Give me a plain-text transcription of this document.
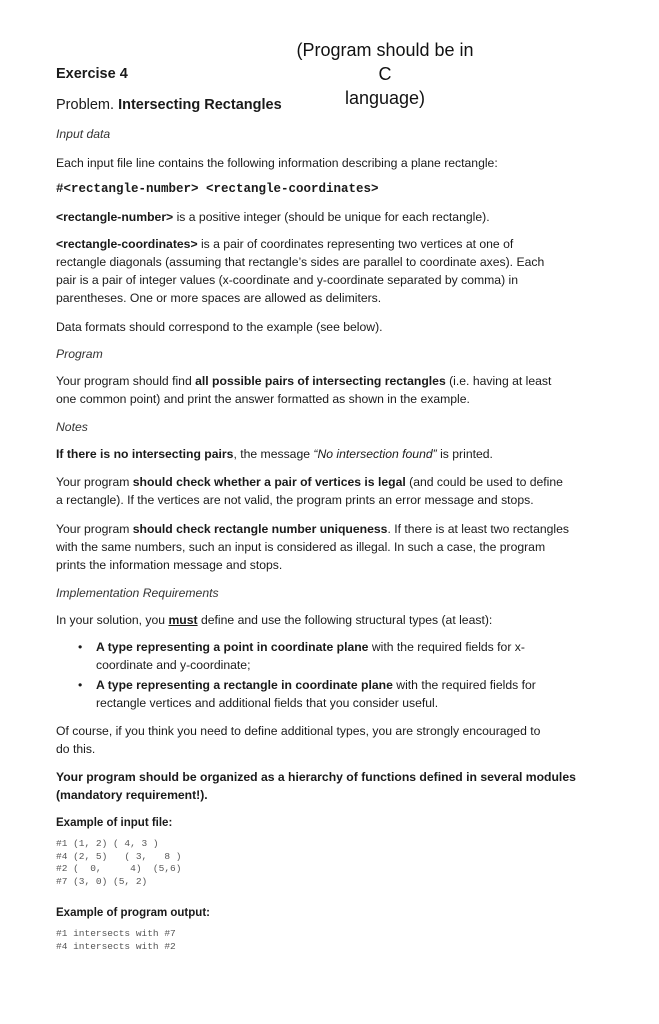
(Program should be in
C
language)
Exercise 4
Problem. Intersecting Rectangles
Input data
Each input file line contains the following information describing a plane rectangle:
#<rectangle-number> <rectangle-coordinates>
<rectangle-number> is a positive integer (should be unique for each rectangle).
<rectangle-coordinates> is a pair of coordinates representing two vertices at one of
rectangle diagonals (assuming that rectangle’s sides are parallel to coordinate axes). Each
pair is a pair of integer values (x-coordinate and y-coordinate separated by comma) in
parentheses. One or more spaces are allowed as delimiters.
Data formats should correspond to the example (see below).
Program
Your program should find all possible pairs of intersecting rectangles (i.e. having at least
one common point) and print the answer formatted as shown in the example.
Notes
If there is no intersecting pairs, the message “No intersection found” is printed.
Your program should check whether a pair of vertices is legal (and could be used to define
a rectangle). If the vertices are not valid, the program prints an error message and stops.
Your program should check rectangle number uniqueness. If there is at least two rectangles
with the same numbers, such an input is considered as illegal. In such a case, the program
prints the information message and stops.
Implementation Requirements
In your solution, you must define and use the following structural types (at least):
• A type representing a point in coordinate plane with the required fields for x-
coordinate and y-coordinate;
• A type representing a rectangle in coordinate plane with the required fields for
rectangle vertices and additional fields that you consider useful.
Of course, if you think you need to define additional types, you are strongly encouraged to
do this.
Your program should be organized as a hierarchy of functions defined in several modules
(mandatory requirement!).
Example of input file:
#1 (1, 2) ( 4, 3 )
#4 (2, 5)   ( 3,   8 )
#2 (  0,     4)  (5,6)
#7 (3, 0) (5, 2)
Example of program output:
#1 intersects with #7
#4 intersects with #2
